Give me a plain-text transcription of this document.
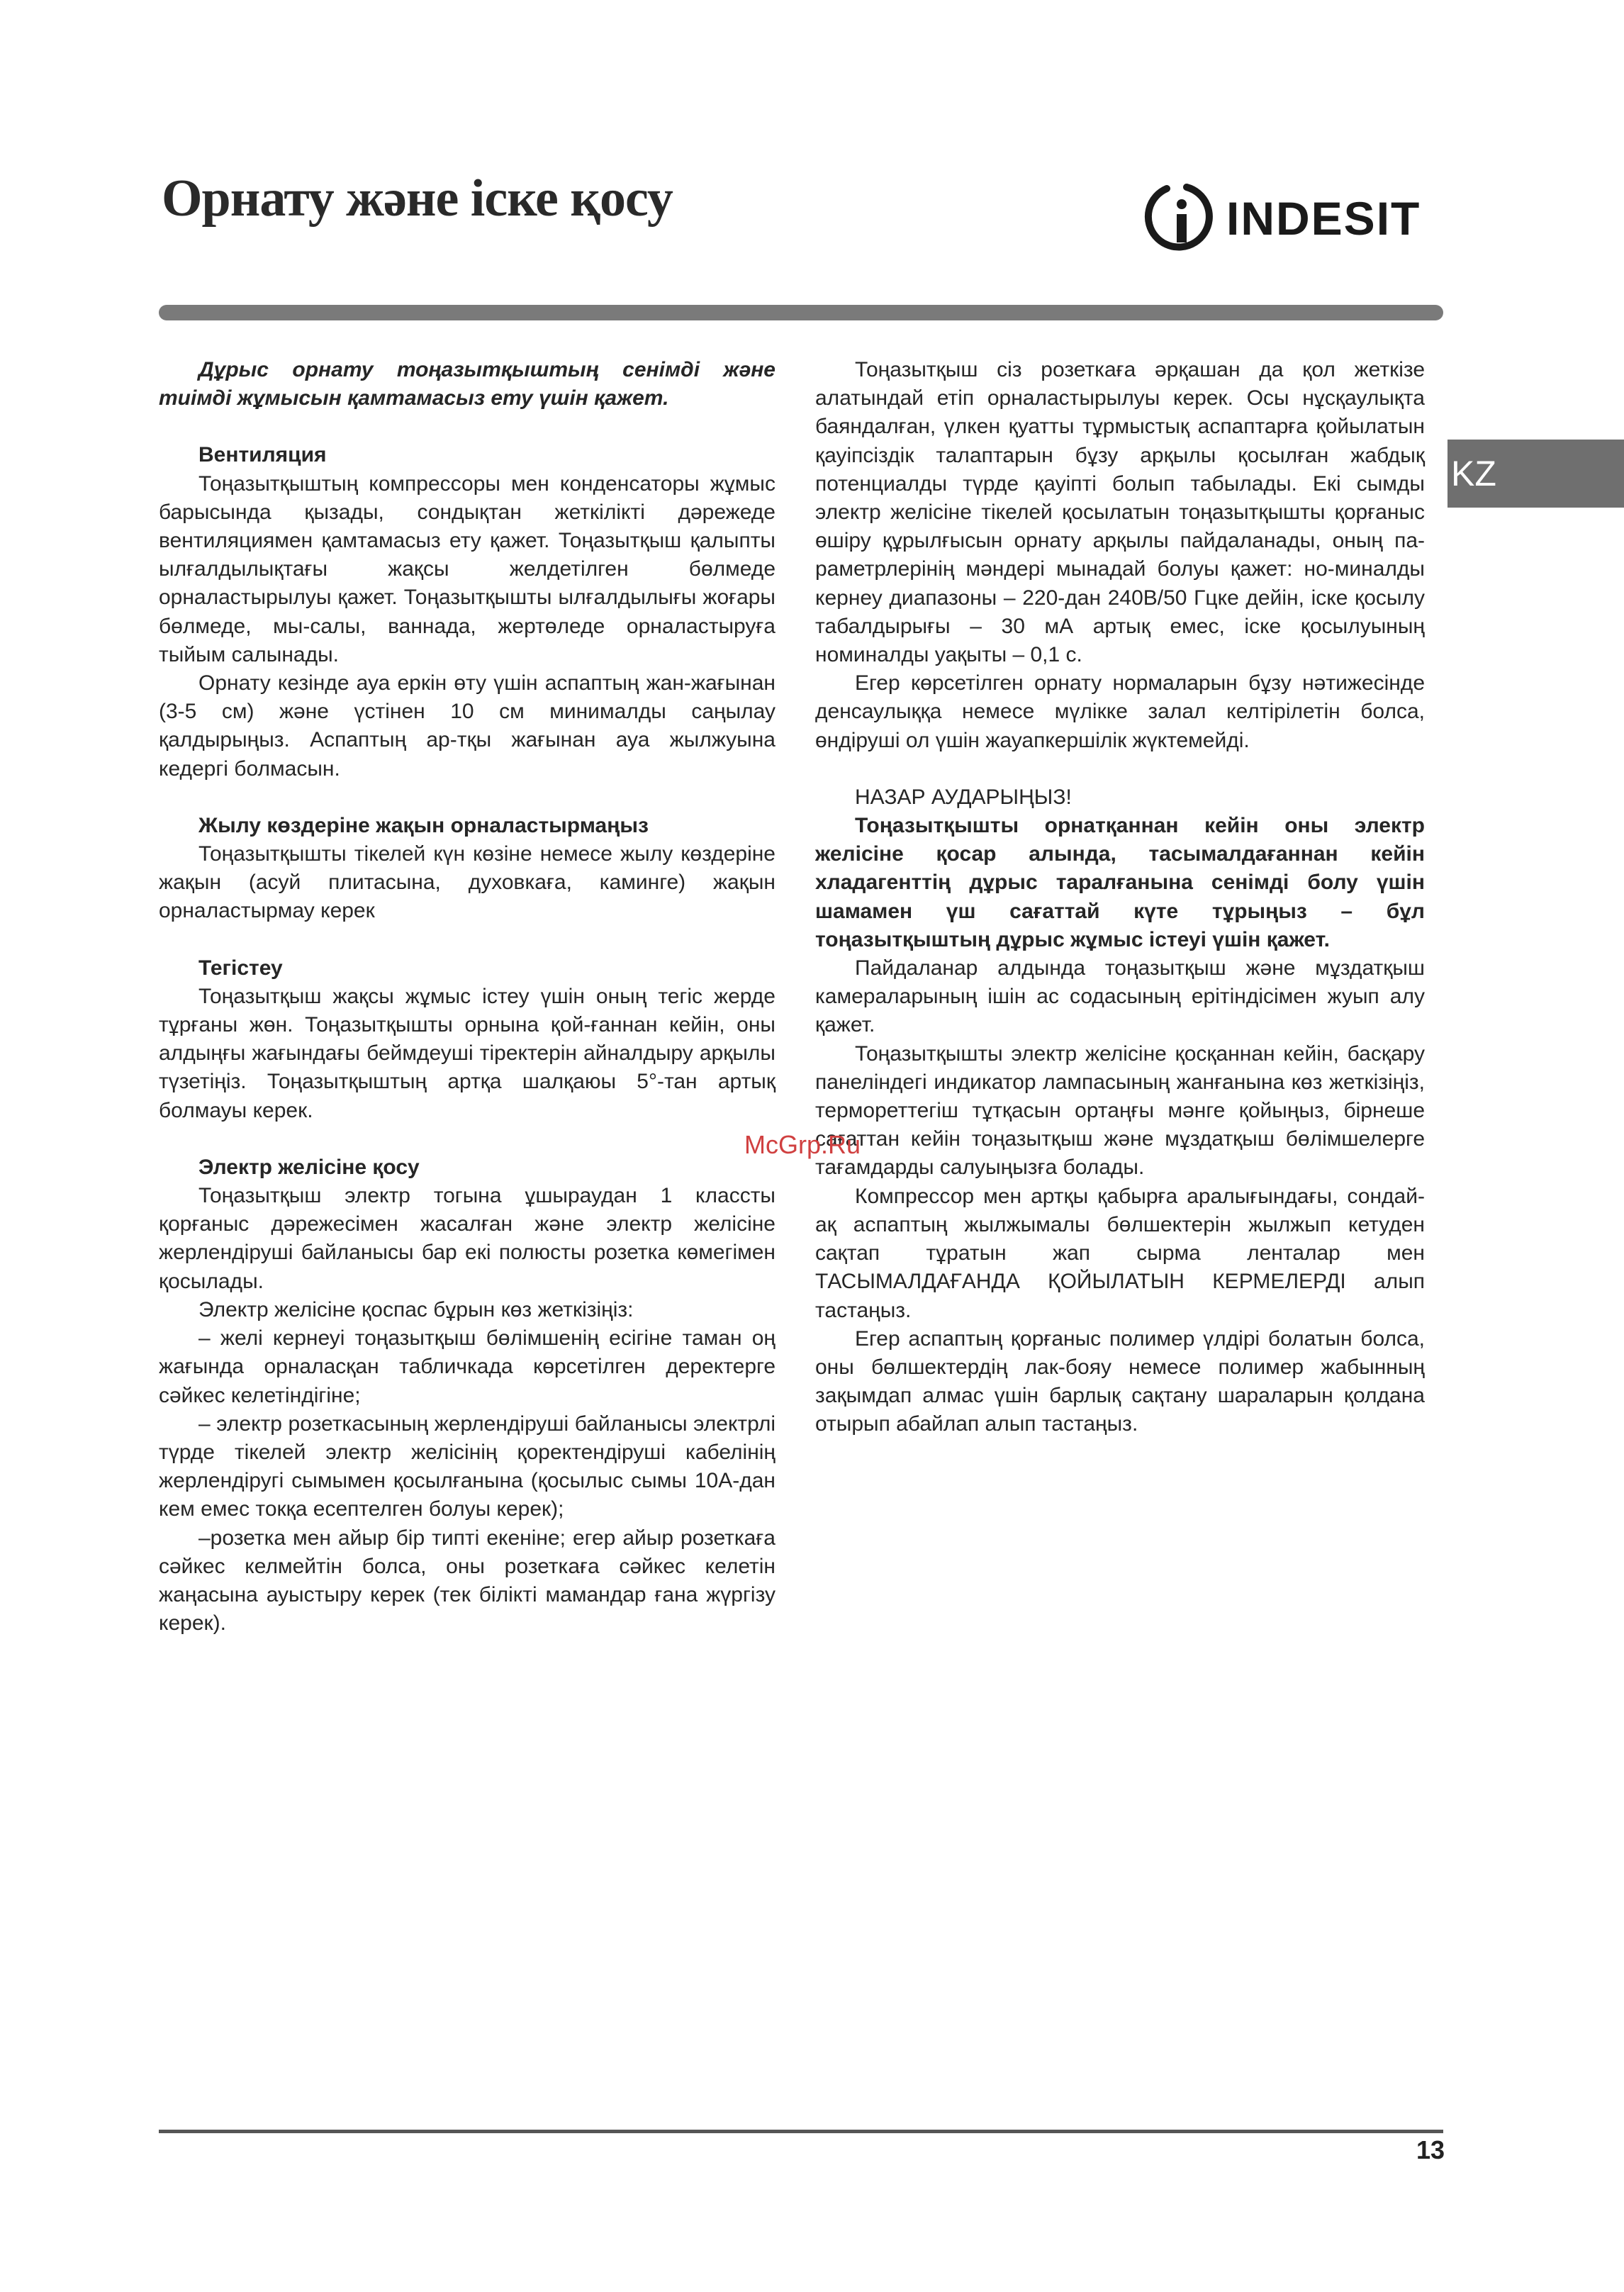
Орнату және іске қосу	INDESIT
KZ

Дұрыс орнату тоңазытқыштың сенімді және тиімді жұмысын қамтамасыз ету үшін қажет.

Вентиляция

Тоңазытқыштың компрессоры мен конденсаторы жұмыс барысында қызады, сондықтан жеткілікті дәрежеде вентиляциямен қамтамасыз ету қажет. Тоңазытқыш қалыпты ылғалдылықтағы жақсы желдетілген бөлмеде орналастырылуы қажет. Тоңазытқышты ылғалдылығы жоғары бөлмеде, мы-салы, ваннада, жертөледе орналастыруға тыйым салынады.

Орнату кезінде ауа еркін өту үшін аспаптың жан-жағынан (3-5 см) және үстінен 10 см минималды саңылау қалдырыңыз. Аспаптың ар-тқы жағынан ауа жылжуына кедергі болмасын.

Жылу көздеріне жақын орналастырмаңыз

Тоңазытқышты тікелей күн көзіне немесе жылу көздеріне жақын (асуй плитасына, духовкаға, каминге) жақын орналастырмау керек

Тегістеу

Тоңазытқыш жақсы жұмыс істеу үшін оның тегіс жерде тұрғаны жөн. Тоңазытқышты орнына қой-ғаннан кейін, оны алдыңғы жағындағы беймдеуші тіректерін айналдыру арқылы түзетіңіз. Тоңазытқыштың артқа шалқаюы 5°-тан артық болмауы керек.

Электр желісіне қосу

Тоңазытқыш электр тогына ұшыраудан 1 классты қорғаныс дәрежесімен жасалған және электр желісіне жерлендіруші байланысы бар екі полюсты розетка көмегімен қосылады.

Электр желісіне қоспас бұрын көз жеткізіңіз:

– желі кернеуі тоңазытқыш бөлімшенің есігіне таман оң жағында орналасқан табличкада көрсетілген деректерге сәйкес келетіндігіне;

– электр розеткасының жерлендіруші байланысы электрлі түрде тікелей электр желісінің қоректендіруші кабелінің жерлендіругі сымымен қосылғанына (қосылыс сымы 10А-дан кем емес токқа есептелген болуы керек);

–розетка мен айыр бір типті екеніне; егер айыр розеткаға сәйкес келмейтін болса, оны розеткаға сәйкес келетін жаңасына ауыстыру керек (тек білікті мамандар ғана жүргізу керек).

Тоңазытқыш сіз розеткаға әрқашан да қол жеткізе алатындай етіп орналастырылуы керек. Осы нұсқаулықта баяндалған, үлкен қуатты тұрмыстық аспаптарға қойылатын қауіпсіздік талаптарын бұзу арқылы қосылған жабдық потенциалды түрде қауіпті болып табылады. Екі сымды электр желісіне тікелей қосылатын тоңазытқышты қорғаныс өшіру құрылғысын орнату арқылы пайдаланады, оның па-раметрлерінің мәндері мынадай болуы қажет: но-миналды кернеу диапазоны – 220-дан 240В/50 Гцке дейін, іске қосылу табалдырығы – 30 мА артық емес, іске қосылуының номиналды уақыты – 0,1 с.

Егер көрсетілген орнату нормаларын бұзу нәтижесінде денсаулыққа немесе мүлікке залал келтірілетін болса, өндіруші ол үшін жауапкершілік жүктемейді.

НАЗАР АУДАРЫҢЫЗ!

Тоңазытқышты орнатқаннан кейін оны электр желісіне қосар алында, тасымалдағаннан кейін хладагенттің дұрыс таралғанына сенімді болу үшін шамамен үш сағаттай күте тұрыңыз – бұл тоңазытқыштың дұрыс жұмыс істеуі үшін қажет.

Пайдаланар алдында тоңазытқыш және мұздатқыш камераларының ішін ас содасының ерітіндісімен жуып алу қажет.

Тоңазытқышты электр желісіне қосқаннан кейін, басқару панеліндегі индикатор лампасының жанғанына көз жеткізіңіз, термореттегіш тұтқасын ортаңғы мәнге қойыңыз, бірнеше сағаттан кейін тоңазытқыш және мұздатқыш бөлімшелерге тағамдарды салуыңызға болады.

Компрессор мен артқы қабырға аралығындағы, сондай-ақ аспаптың жылжымалы бөлшектерін жылжып кетуден сақтап тұратын жап сырма ленталар мен ТАСЫМАЛДАҒАНДА ҚОЙЫЛАТЫН КЕРМЕЛЕРДІ алып тастаңыз.

Егер аспаптың қорғаныс полимер үлдірі болатын болса, оны бөлшектердің лак-бояу немесе полимер жабынның зақымдап алмас үшін барлық сақтану шараларын қолдана отырып абайлап алып тастаңыз.

McGrp.Ru
13
